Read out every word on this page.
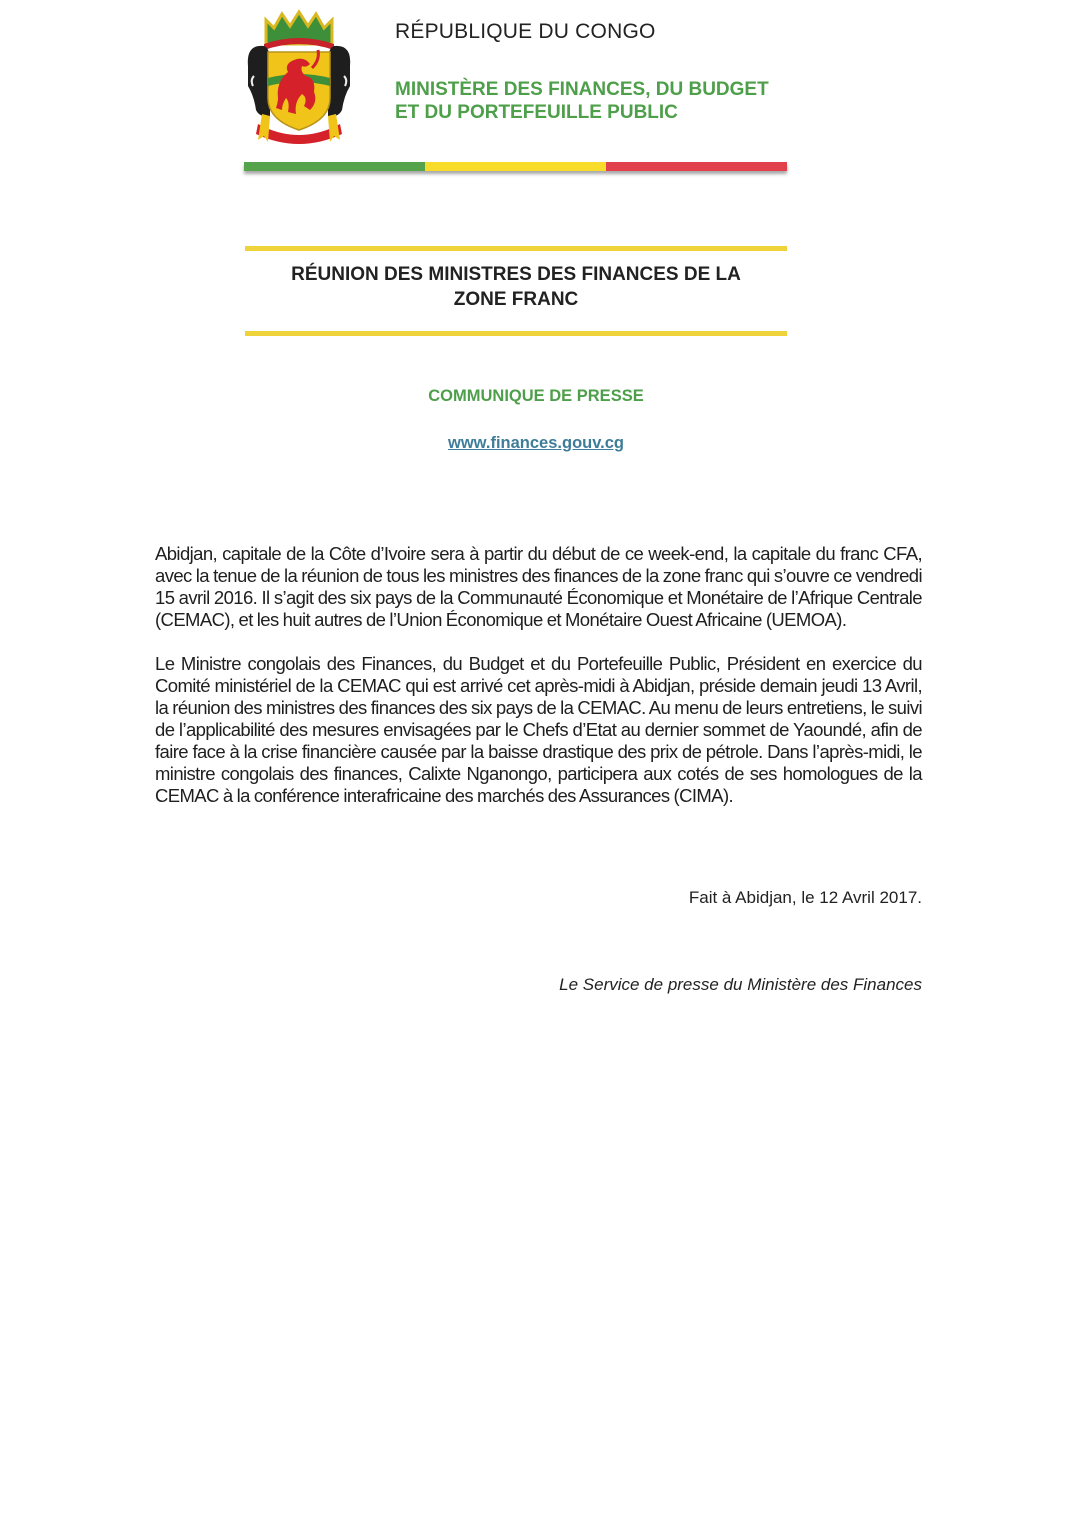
RÉPUBLIQUE DU CONGO
MINISTÈRE DES FINANCES, DU BUDGET
ET DU PORTEFEUILLE PUBLIC
RÉUNION DES MINISTRES DES FINANCES DE LA
ZONE FRANC
COMMUNIQUE DE PRESSE
www.finances.gouv.cg

Abidjan, capitale de la Côte d’Ivoire sera à partir du début de ce week-end, la capitale du franc CFA, avec la tenue de la réunion de tous les ministres des finances de la zone franc qui s’ouvre ce vendredi 15 avril 2016. Il s’agit des six pays de la Communauté Économique et Monétaire de l’Afrique Centrale (CEMAC), et les huit autres de l’Union Économique et Monétaire Ouest Africaine (UEMOA).

Le Ministre congolais des Finances, du Budget et du Portefeuille Public, Président en exercice du Comité ministériel de la CEMAC qui est arrivé cet après-midi à Abidjan, préside demain jeudi 13 Avril, la réunion des ministres des finances des six pays de la CEMAC. Au menu de leurs entretiens, le suivi de l’applicabilité des mesures envisagées par le Chefs d’Etat au dernier sommet de Yaoundé, afin de faire face à la crise financière causée par la baisse drastique des prix de pétrole. Dans l’après-midi, le ministre congolais des finances, Calixte Nganongo, participera aux cotés de ses homologues de la CEMAC à la conférence interafricaine des marchés des Assurances (CIMA).

Fait à Abidjan, le 12 Avril 2017.
Le Service de presse du Ministère des Finances
